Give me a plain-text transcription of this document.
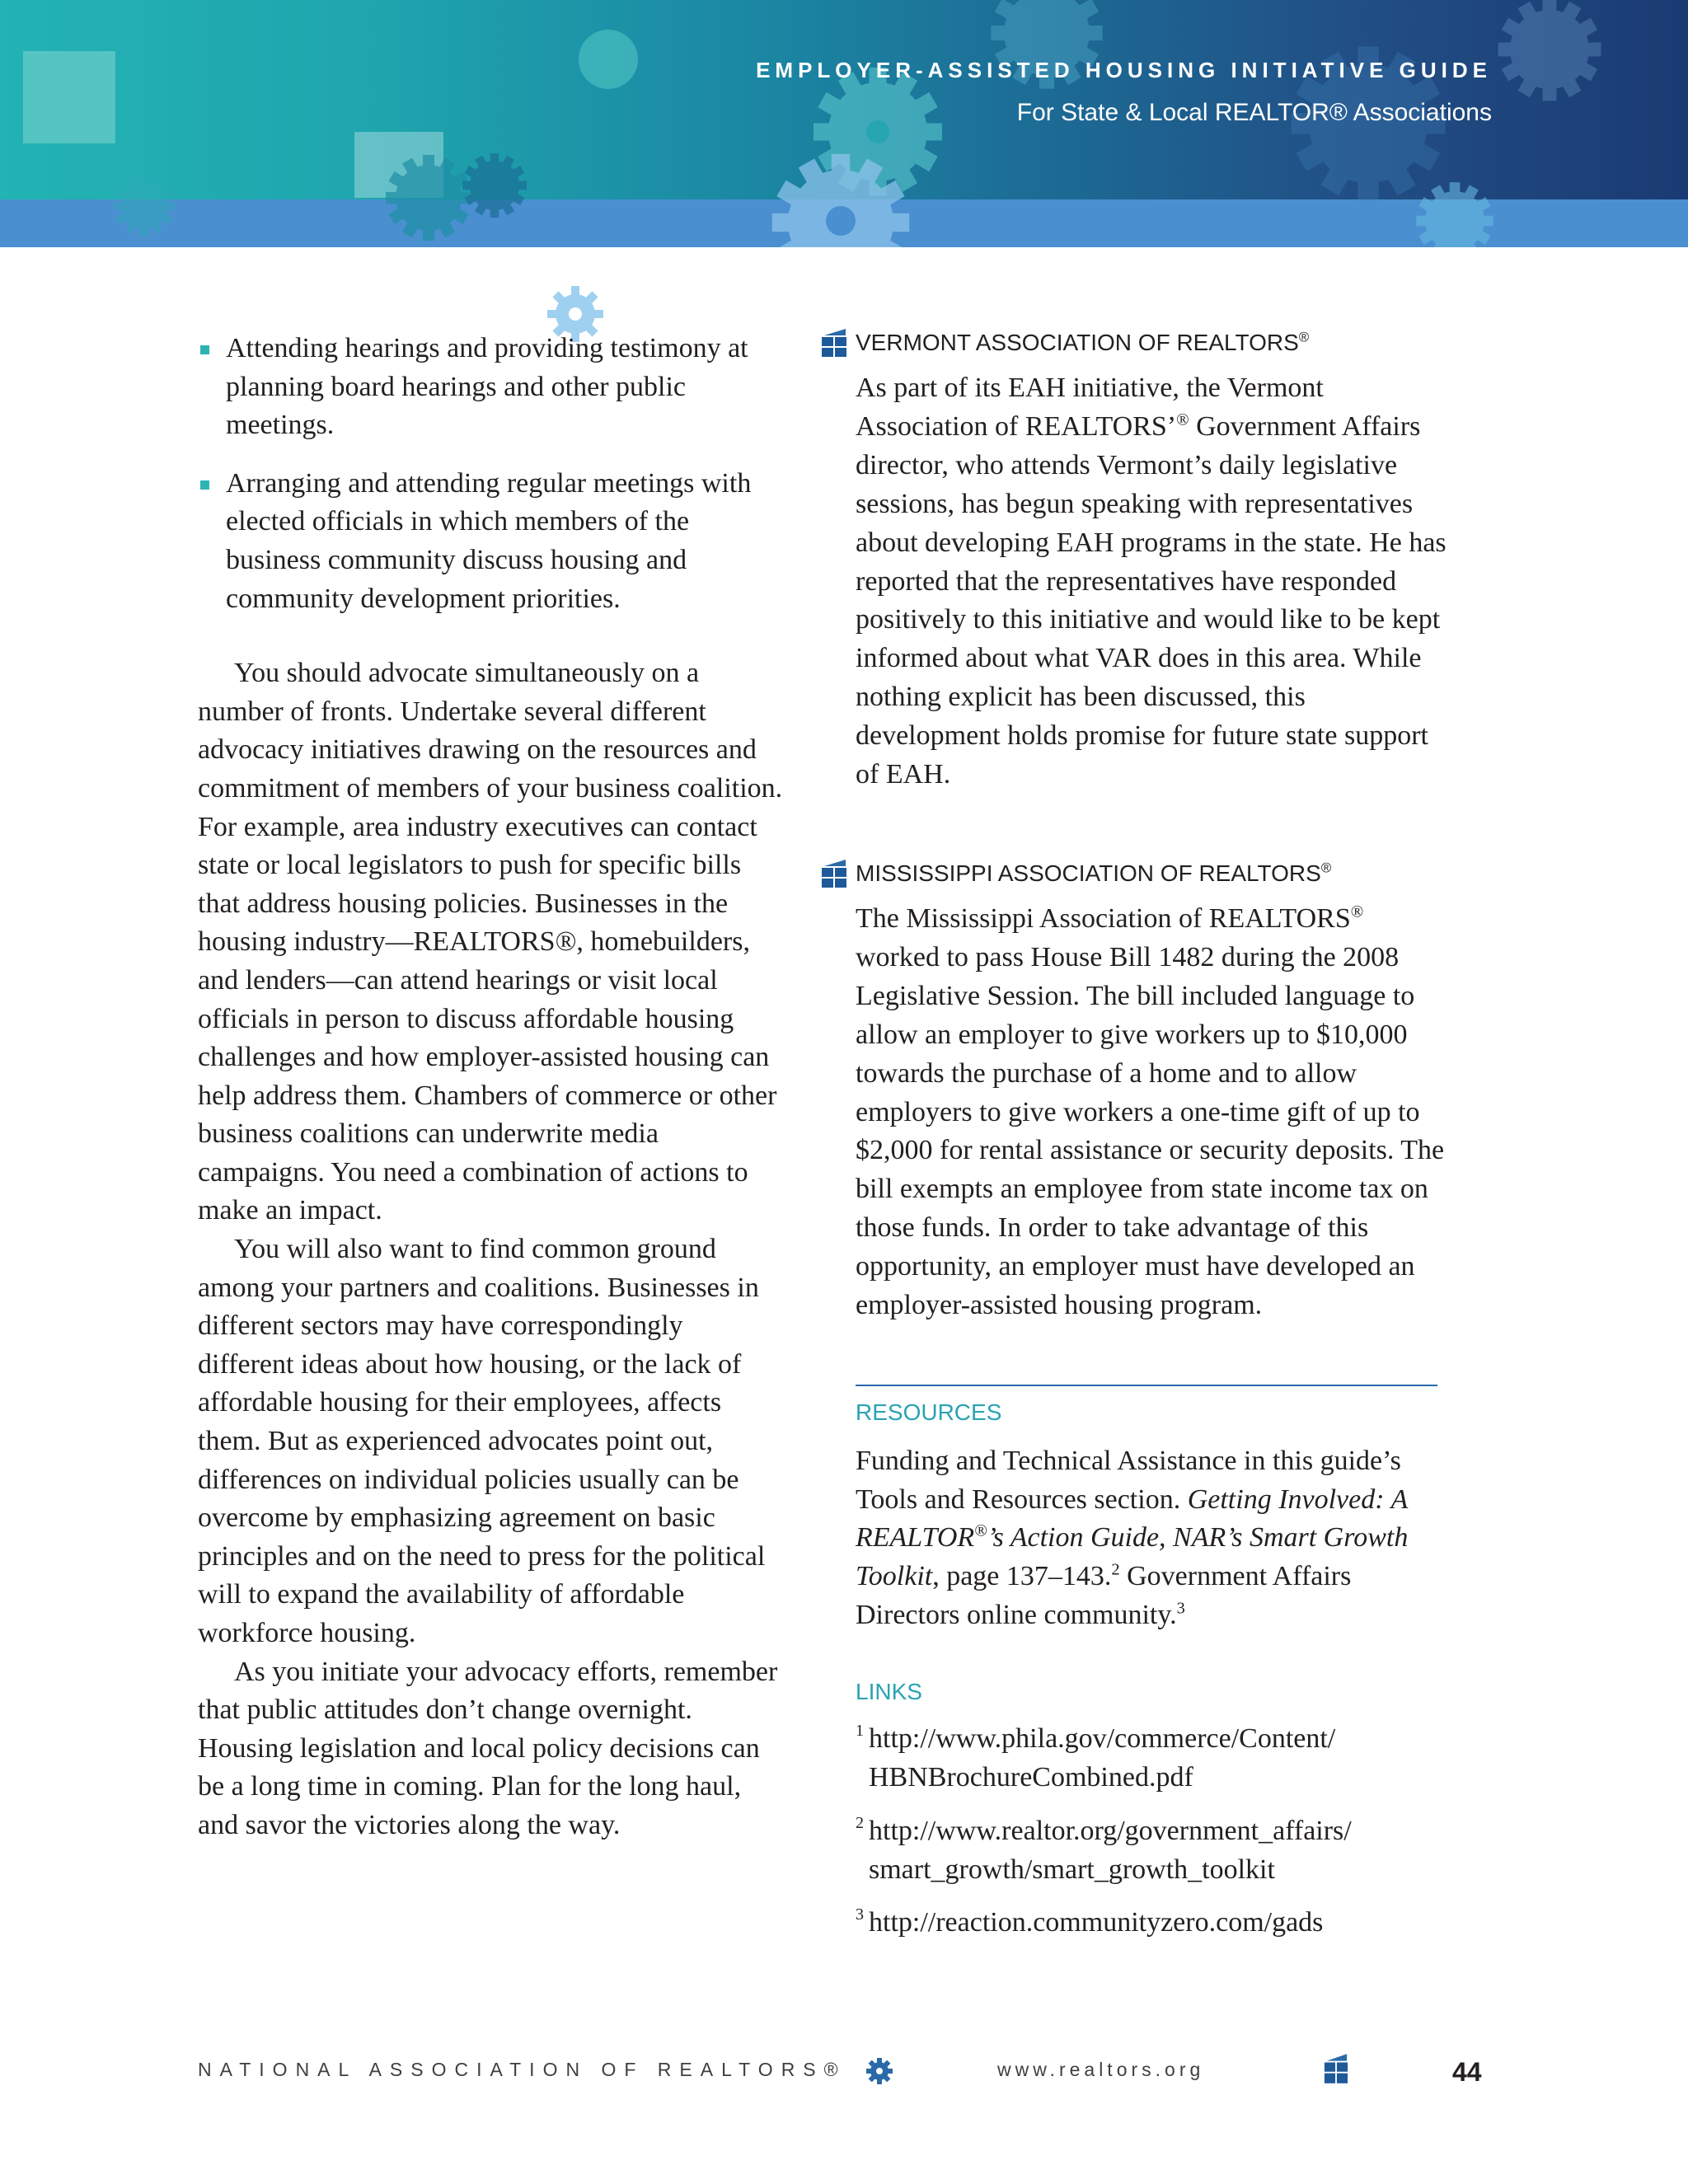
EMPLOYER-ASSISTED HOUSING INITIATIVE GUIDE
For State & Local REALTOR® Associations
Attending hearings and providing testimony at planning board hearings and other public meetings.
Arranging and attending regular meetings with elected officials in which members of the business community discuss housing and community development priorities.

You should advocate simultaneously on a number of fronts. Undertake several different advocacy initiatives drawing on the resources and commitment of members of your business coalition. For example, area industry executives can contact state or local legislators to push for specific bills that address housing policies. Businesses in the housing industry—REALTORS®, homebuilders, and lenders—can attend hearings or visit local officials in person to discuss affordable housing challenges and how employer-assisted housing can help address them. Chambers of commerce or other business coalitions can underwrite media campaigns. You need a combination of actions to make an impact.

You will also want to find common ground among your partners and coalitions. Businesses in different sectors may have correspondingly different ideas about how housing, or the lack of affordable housing for their employees, affects them. But as experienced advocates point out, differences on individual policies usually can be overcome by emphasizing agreement on basic principles and on the need to press for the political will to expand the availability of affordable workforce housing.

As you initiate your advocacy efforts, remember that public attitudes don’t change overnight. Housing legislation and local policy decisions can be a long time in coming. Plan for the long haul, and savor the victories along the way.

VERMONT ASSOCIATION OF REALTORS®
As part of its EAH initiative, the Vermont Association of REALTORS’® Government Affairs director, who attends Vermont’s daily legislative sessions, has begun speaking with representatives about developing EAH programs in the state. He has reported that the representatives have responded positively to this initiative and would like to be kept informed about what VAR does in this area. While nothing explicit has been discussed, this development holds promise for future state support of EAH.
MISSISSIPPI ASSOCIATION OF REALTORS®
The Mississippi Association of REALTORS® worked to pass House Bill 1482 during the 2008 Legislative Session. The bill included language to allow an employer to give workers up to $10,000 towards the purchase of a home and to allow employers to give workers a one-time gift of up to $2,000 for rental assistance or security deposits. The bill exempts an employee from state income tax on those funds. In order to take advantage of this opportunity, an employer must have developed an employer-assisted housing program.
RESOURCES
Funding and Technical Assistance in this guide’s Tools and Resources section. Getting Involved: A REALTOR®’s Action Guide, NAR’s Smart Growth Toolkit, page 137–143.$^2$ Government Affairs Directors online community.$^3$
LINKS
1 http://www.phila.gov/commerce/Content/
HBNBrochureCombined.pdf
2 http://www.realtor.org/government_affairs/
smart_growth/smart_growth_toolkit
3 http://reaction.communityzero.com/gads
NATIONAL ASSOCIATION OF REALTORS®	www.realtors.org	44
